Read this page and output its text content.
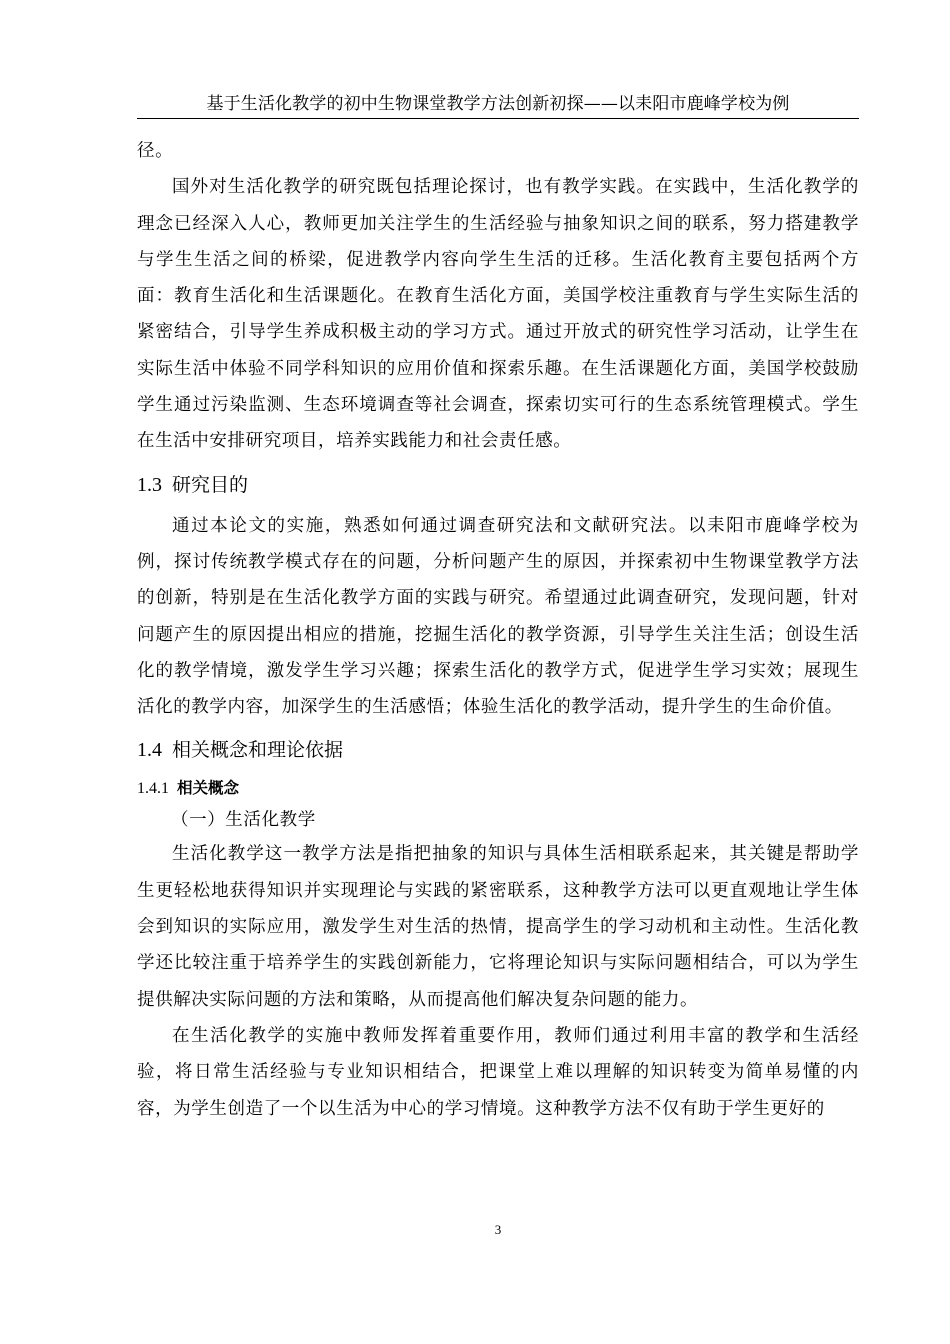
基于生活化教学的初中生物课堂教学方法创新初探——以耒阳市鹿峰学校为例

径。

国外对生活化教学的研究既包括理论探讨，也有教学实践。在实践中，生活化教学的理念已经深入人心，教师更加关注学生的生活经验与抽象知识之间的联系，努力搭建教学与学生生活之间的桥梁，促进教学内容向学生生活的迁移。生活化教育主要包括两个方面：教育生活化和生活课题化。在教育生活化方面，美国学校注重教育与学生实际生活的紧密结合，引导学生养成积极主动的学习方式。通过开放式的研究性学习活动，让学生在实际生活中体验不同学科知识的应用价值和探索乐趣。在生活课题化方面，美国学校鼓励学生通过污染监测、生态环境调查等社会调查，探索切实可行的生态系统管理模式。学生在生活中安排研究项目，培养实践能力和社会责任感。

1.3 研究目的

通过本论文的实施，熟悉如何通过调查研究法和文献研究法。以耒阳市鹿峰学校为例，探讨传统教学模式存在的问题，分析问题产生的原因，并探索初中生物课堂教学方法的创新，特别是在生活化教学方面的实践与研究。希望通过此调查研究，发现问题，针对问题产生的原因提出相应的措施，挖掘生活化的教学资源，引导学生关注生活；创设生活化的教学情境，激发学生学习兴趣；探索生活化的教学方式，促进学生学习实效；展现生活化的教学内容，加深学生的生活感悟；体验生活化的教学活动，提升学生的生命价值。

1.4 相关概念和理论依据
1.4.1 相关概念

（一）生活化教学

生活化教学这一教学方法是指把抽象的知识与具体生活相联系起来，其关键是帮助学生更轻松地获得知识并实现理论与实践的紧密联系，这种教学方法可以更直观地让学生体会到知识的实际应用，激发学生对生活的热情，提高学生的学习动机和主动性。生活化教学还比较注重于培养学生的实践创新能力，它将理论知识与实际问题相结合，可以为学生提供解决实际问题的方法和策略，从而提高他们解决复杂问题的能力。

在生活化教学的实施中教师发挥着重要作用，教师们通过利用丰富的教学和生活经验，将日常生活经验与专业知识相结合，把课堂上难以理解的知识转变为简单易懂的内容，为学生创造了一个以生活为中心的学习情境。这种教学方法不仅有助于学生更好的

3
